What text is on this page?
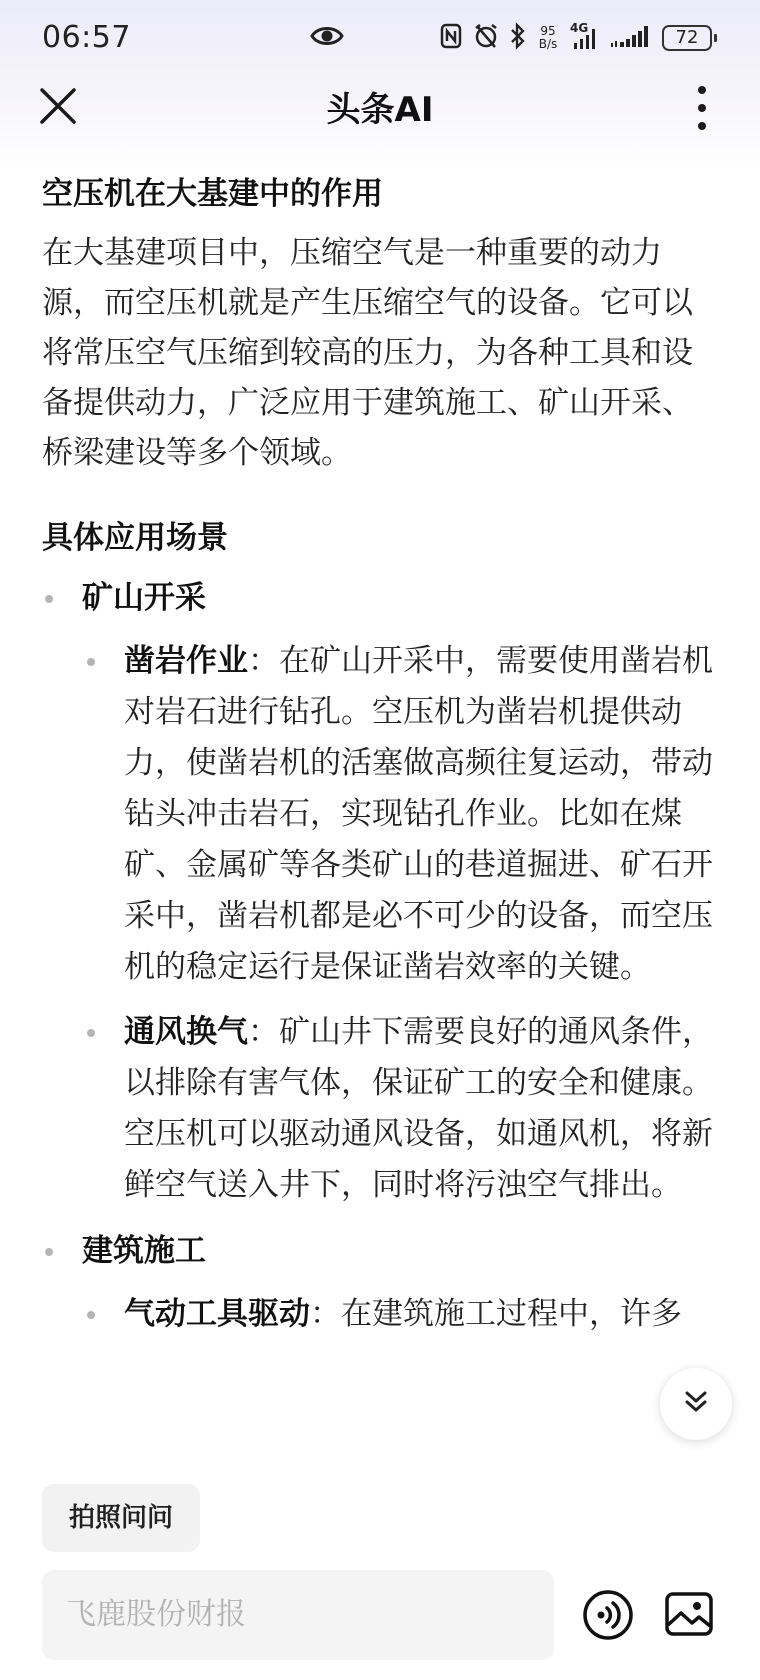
06:57	95
B/s
4G	72
头条AI
空压机在大基建中的作用
在大基建项目中，压缩空气是一种重要的动力源，而空压机就是产生压缩空气的设备。它可以将常压空气压缩到较高的压力，为各种工具和设备提供动力，广泛应用于建筑施工、矿山开采、桥梁建设等多个领域。
具体应用场景
矿山开采
凿岩作业：在矿山开采中，需要使用凿岩机对岩石进行钻孔。空压机为凿岩机提供动力，使凿岩机的活塞做高频往复运动，带动钻头冲击岩石，实现钻孔作业。比如在煤矿、金属矿等各类矿山的巷道掘进、矿石开采中，凿岩机都是必不可少的设备，而空压机的稳定运行是保证凿岩效率的关键。
通风换气：矿山井下需要良好的通风条件，以排除有害气体，保证矿工的安全和健康。空压机可以驱动通风设备，如通风机，将新鲜空气送入井下，同时将污浊空气排出。
建筑施工
气动工具驱动：在建筑施工过程中，许多
拍照问问
飞鹿股份财报
